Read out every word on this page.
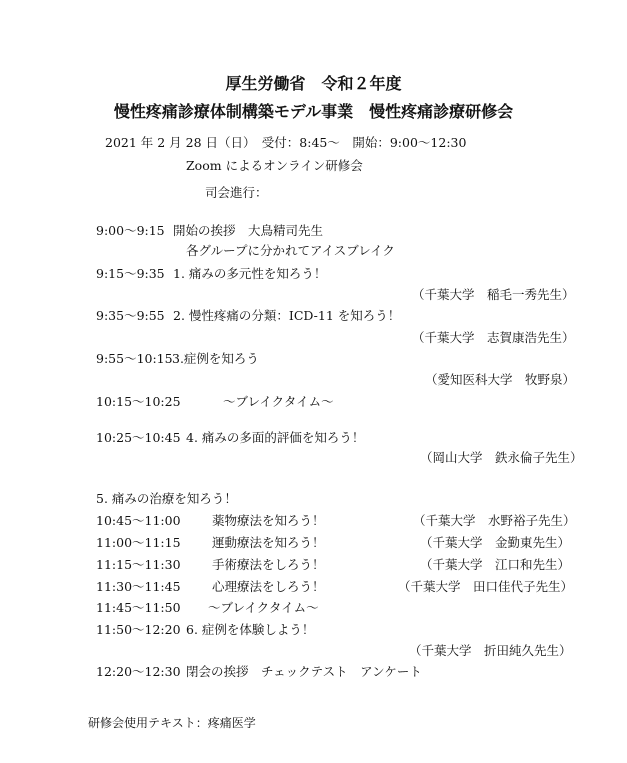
厚生労働省　令和２年度
慢性疼痛診療体制構築モデル事業　慢性疼痛診療研修会
2021 年 2 月 28 日（日）　受付：8:45～　開始：9:00～12:30
Zoom によるオンライン研修会
司会進行：
9:00～9:15 開始の挨拶　大鳥精司先生
各グループに分かれてアイスブレイク
9:15～9:35 1. 痛みの多元性を知ろう！
（千葉大学　稲毛一秀先生）
9:35～9:55 2. 慢性疼痛の分類：ICD-11 を知ろう！
（千葉大学　志賀康浩先生）
9:55～10:15 3.症例を知ろう
（愛知医科大学　牧野泉）
10:15～10:25	～ブレイクタイム～
10:25～10:45 4. 痛みの多面的評価を知ろう！
（岡山大学　鉄永倫子先生）
5. 痛みの治療を知ろう！
10:45～11:00	薬物療法を知ろう！	（千葉大学　水野裕子先生）
11:00～11:15	運動療法を知ろう！	（千葉大学　金勤東先生）
11:15～11:30	手術療法をしろう！	（千葉大学　江口和先生）
11:30～11:45	心理療法をしろう！	（千葉大学　田口佳代子先生）
11:45～11:50 ～ブレイクタイム～
11:50～12:20 6. 症例を体験しよう！
（千葉大学　折田純久先生）
12:20～12:30 閉会の挨拶　チェックテスト　アンケート
研修会使用テキスト：疼痛医学
